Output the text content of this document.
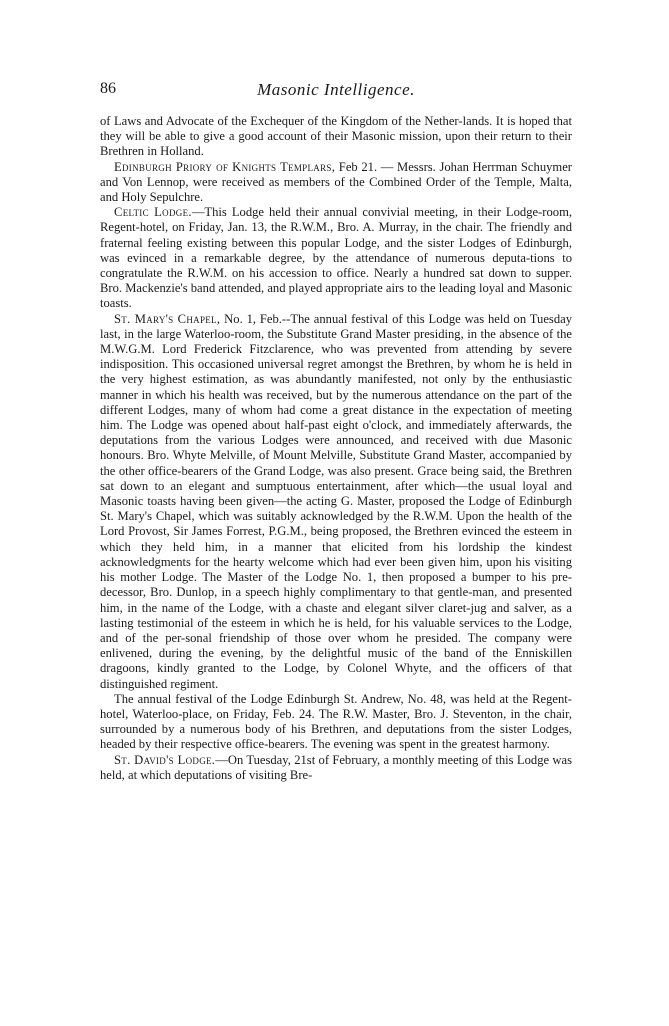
86	Masonic Intelligence.

of Laws and Advocate of the Exchequer of the Kingdom of the Nether-lands. It is hoped that they will be able to give a good account of their Masonic mission, upon their return to their Brethren in Holland.

Edinburgh Priory of Knights Templars, Feb 21. — Messrs. Johan Herrman Schuymer and Von Lennop, were received as members of the Combined Order of the Temple, Malta, and Holy Sepulchre.

Celtic Lodge.—This Lodge held their annual convivial meeting, in their Lodge-room, Regent-hotel, on Friday, Jan. 13, the R.W.M., Bro. A. Murray, in the chair. The friendly and fraternal feeling existing between this popular Lodge, and the sister Lodges of Edinburgh, was evinced in a remarkable degree, by the attendance of numerous deputa-tions to congratulate the R.W.M. on his accession to office. Nearly a hundred sat down to supper. Bro. Mackenzie's band attended, and played appropriate airs to the leading loyal and Masonic toasts.

St. Mary's Chapel, No. 1, Feb.--The annual festival of this Lodge was held on Tuesday last, in the large Waterloo-room, the Substitute Grand Master presiding, in the absence of the M.W.G.M. Lord Frederick Fitzclarence, who was prevented from attending by severe indisposition. This occasioned universal regret amongst the Brethren, by whom he is held in the very highest estimation, as was abundantly manifested, not only by the enthusiastic manner in which his health was received, but by the numerous attendance on the part of the different Lodges, many of whom had come a great distance in the expectation of meeting him. The Lodge was opened about half-past eight o'clock, and immediately afterwards, the deputations from the various Lodges were announced, and received with due Masonic honours. Bro. Whyte Melville, of Mount Melville, Substitute Grand Master, accompanied by the other office-bearers of the Grand Lodge, was also present. Grace being said, the Brethren sat down to an elegant and sumptuous entertainment, after which—the usual loyal and Masonic toasts having been given—the acting G. Master, proposed the Lodge of Edinburgh St. Mary's Chapel, which was suitably acknowledged by the R.W.M. Upon the health of the Lord Provost, Sir James Forrest, P.G.M., being proposed, the Brethren evinced the esteem in which they held him, in a manner that elicited from his lordship the kindest acknowledgments for the hearty welcome which had ever been given him, upon his visiting his mother Lodge. The Master of the Lodge No. 1, then proposed a bumper to his pre-decessor, Bro. Dunlop, in a speech highly complimentary to that gentle-man, and presented him, in the name of the Lodge, with a chaste and elegant silver claret-jug and salver, as a lasting testimonial of the esteem in which he is held, for his valuable services to the Lodge, and of the per-sonal friendship of those over whom he presided. The company were enlivened, during the evening, by the delightful music of the band of the Enniskillen dragoons, kindly granted to the Lodge, by Colonel Whyte, and the officers of that distinguished regiment.

The annual festival of the Lodge Edinburgh St. Andrew, No. 48, was held at the Regent-hotel, Waterloo-place, on Friday, Feb. 24. The R.W. Master, Bro. J. Steventon, in the chair, surrounded by a numerous body of his Brethren, and deputations from the sister Lodges, headed by their respective office-bearers. The evening was spent in the greatest harmony.

St. David's Lodge.—On Tuesday, 21st of February, a monthly meeting of this Lodge was held, at which deputations of visiting Bre-
